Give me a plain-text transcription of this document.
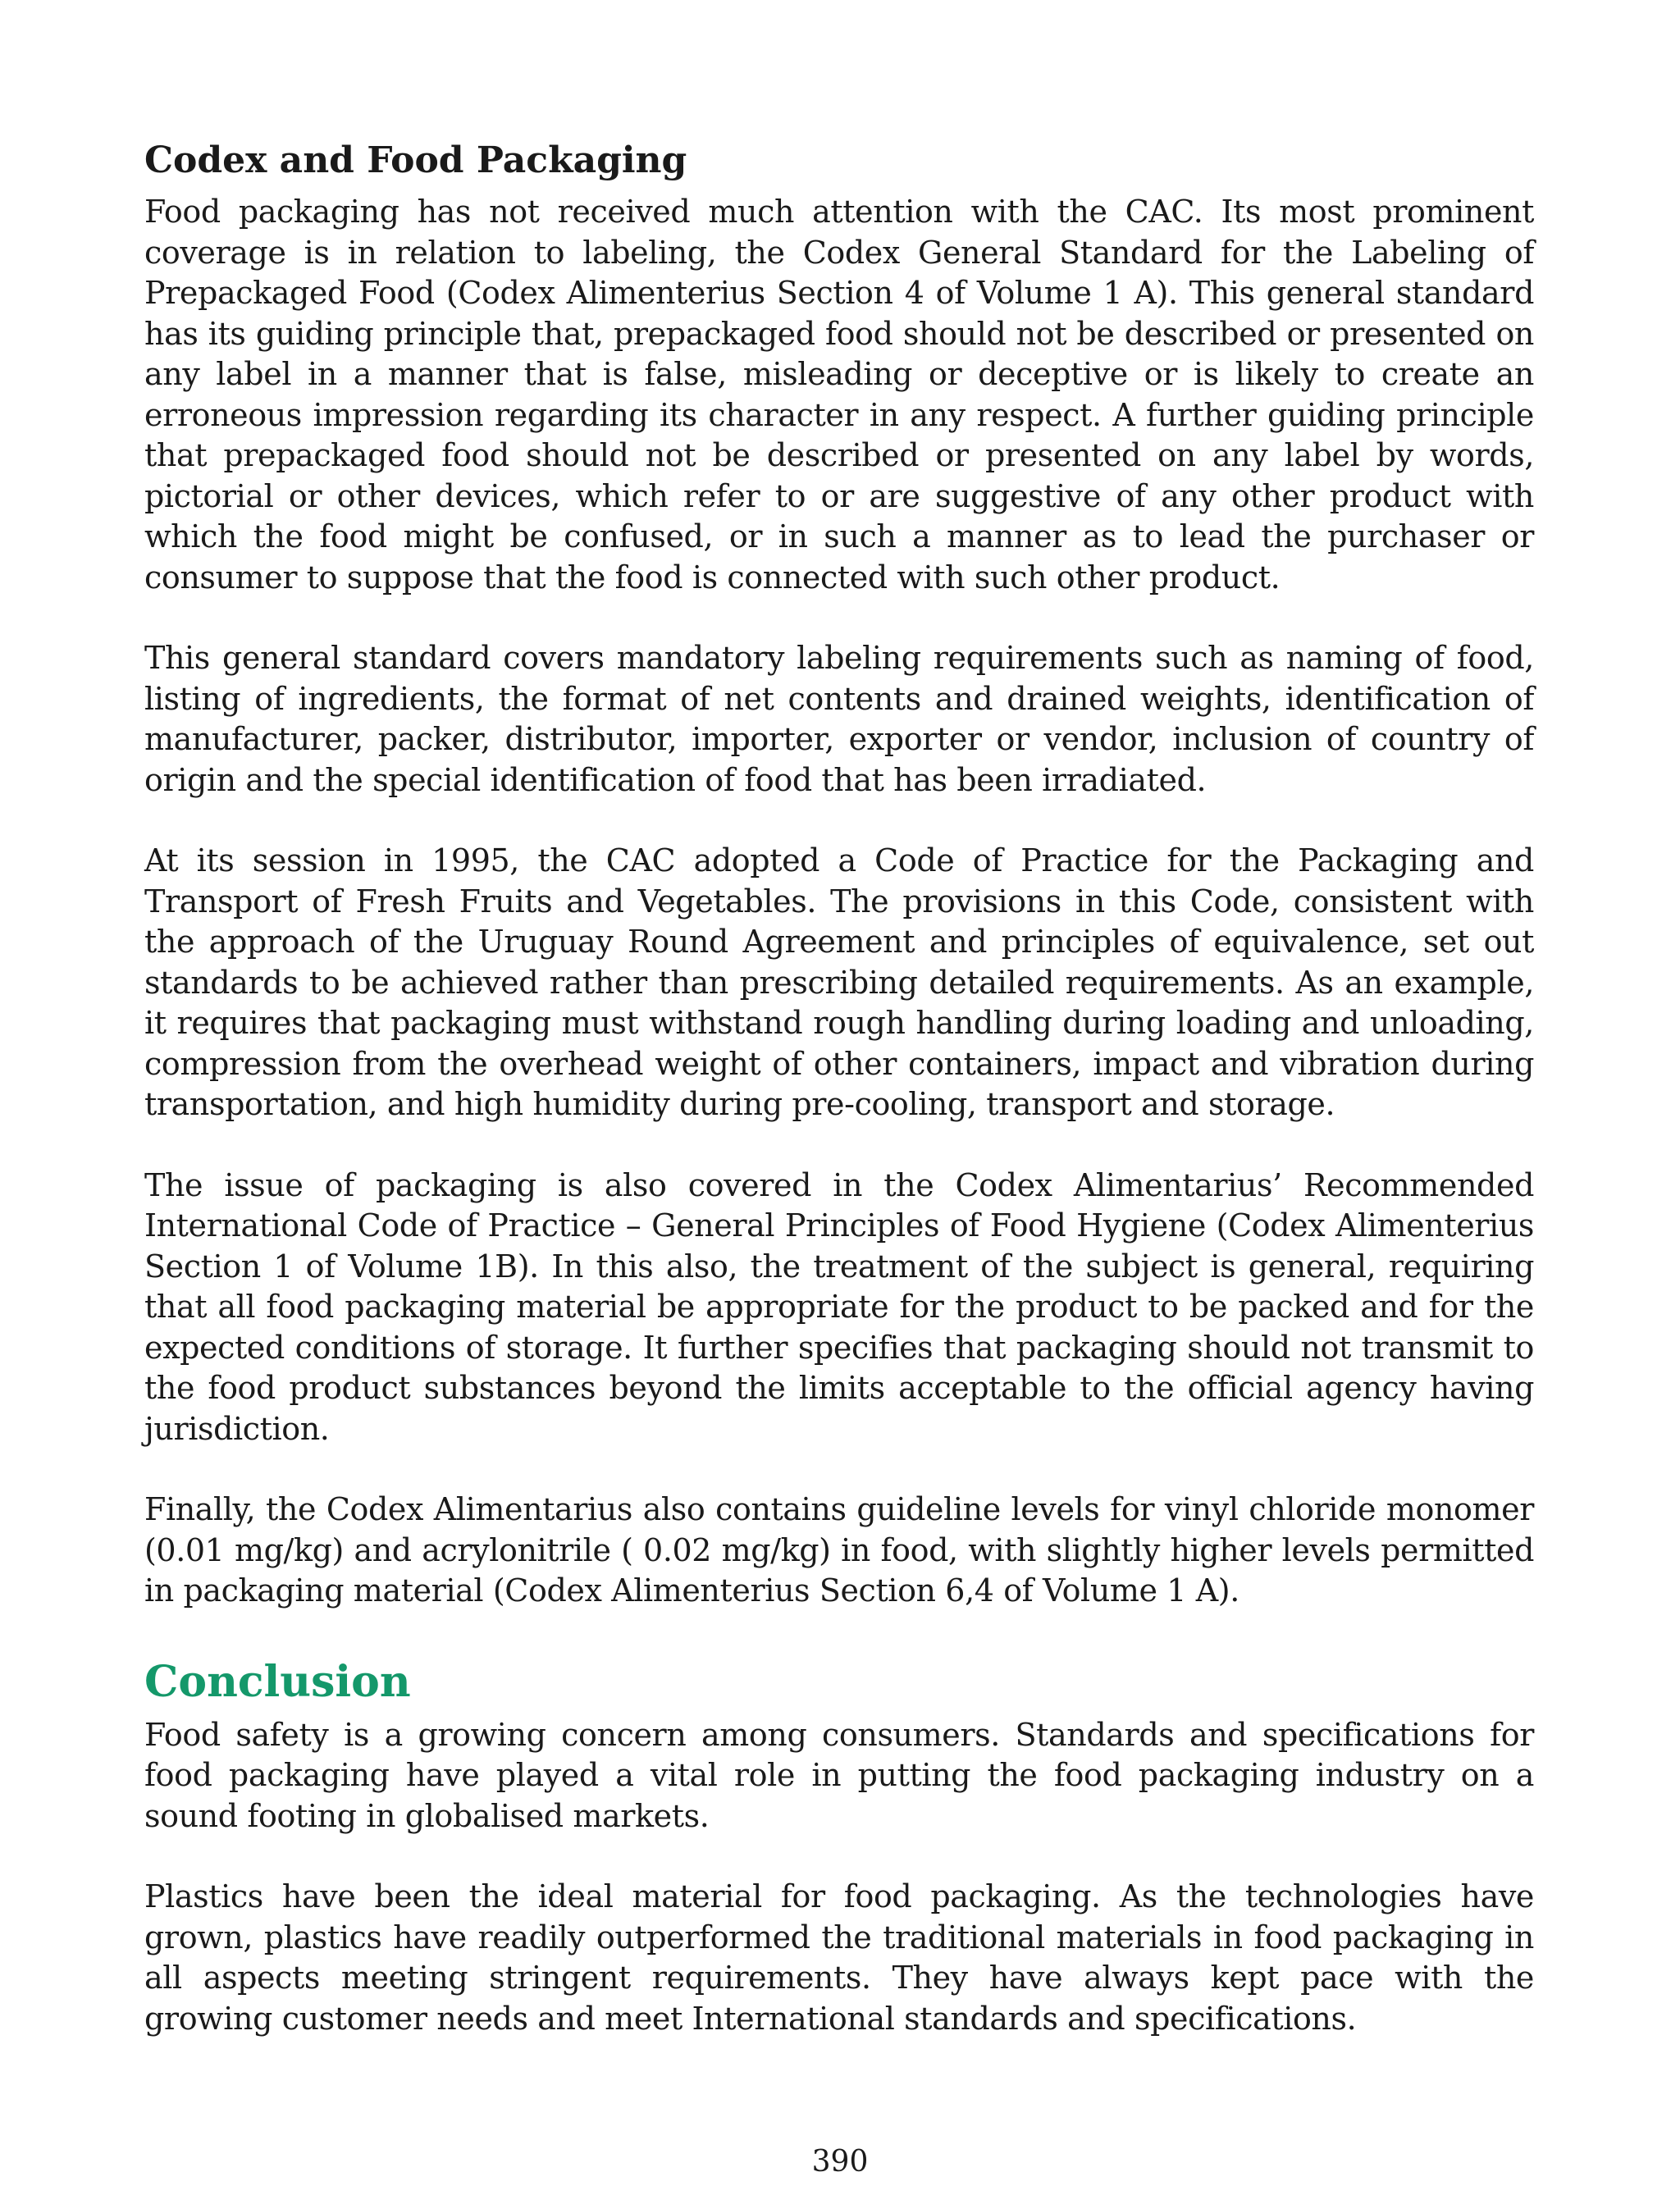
Codex and Food Packaging

Food packaging has not received much attention with the CAC. Its most prominent coverage is in relation to labeling, the Codex General Standard for the Labeling of Prepackaged Food (Codex Alimenterius Section 4 of Volume 1 A). This general standard has its guiding principle that, prepackaged food should not be described or presented on any label in a manner that is false, misleading or deceptive or is likely to create an erroneous impression regarding its character in any respect. A further guiding principle that prepackaged food should not be described or presented on any label by words, pictorial or other devices, which refer to or are suggestive of any other product with which the food might be confused, or in such a manner as to lead the purchaser or consumer to suppose that the food is connected with such other product.

This general standard covers mandatory labeling requirements such as naming of food, listing of ingredients, the format of net contents and drained weights, identification of manufacturer, packer, distributor, importer, exporter or vendor, inclusion of country of origin and the special identification of food that has been irradiated.

At its session in 1995, the CAC adopted a Code of Practice for the Packaging and Transport of Fresh Fruits and Vegetables. The provisions in this Code, consistent with the approach of the Uruguay Round Agreement and principles of equivalence, set out standards to be achieved rather than prescribing detailed requirements. As an example, it requires that packaging must withstand rough handling during loading and unloading, compression from the overhead weight of other containers, impact and vibration during transportation, and high humidity during pre-cooling, transport and storage.

The issue of packaging is also covered in the Codex Alimentarius’ Recommended International Code of Practice – General Principles of Food Hygiene (Codex Alimenterius Section 1 of Volume 1B). In this also, the treatment of the subject is general, requiring that all food packaging material be appropriate for the product to be packed and for the expected conditions of storage. It further specifies that packaging should not transmit to the food product substances beyond the limits acceptable to the official agency having jurisdiction.

Finally, the Codex Alimentarius also contains guideline levels for vinyl chloride monomer (0.01 mg/kg) and acrylonitrile ( 0.02 mg/kg) in food, with slightly higher levels permitted in packaging material (Codex Alimenterius Section 6,4 of Volume 1 A).

Conclusion

Food safety is a growing concern among consumers. Standards and specifications for food packaging have played a vital role in putting the food packaging industry on a sound footing in globalised markets.

Plastics have been the ideal material for food packaging. As the technologies have grown, plastics have readily outperformed the traditional materials in food packaging in all aspects meeting stringent requirements. They have always kept pace with the growing customer needs and meet International standards and specifications.

390
